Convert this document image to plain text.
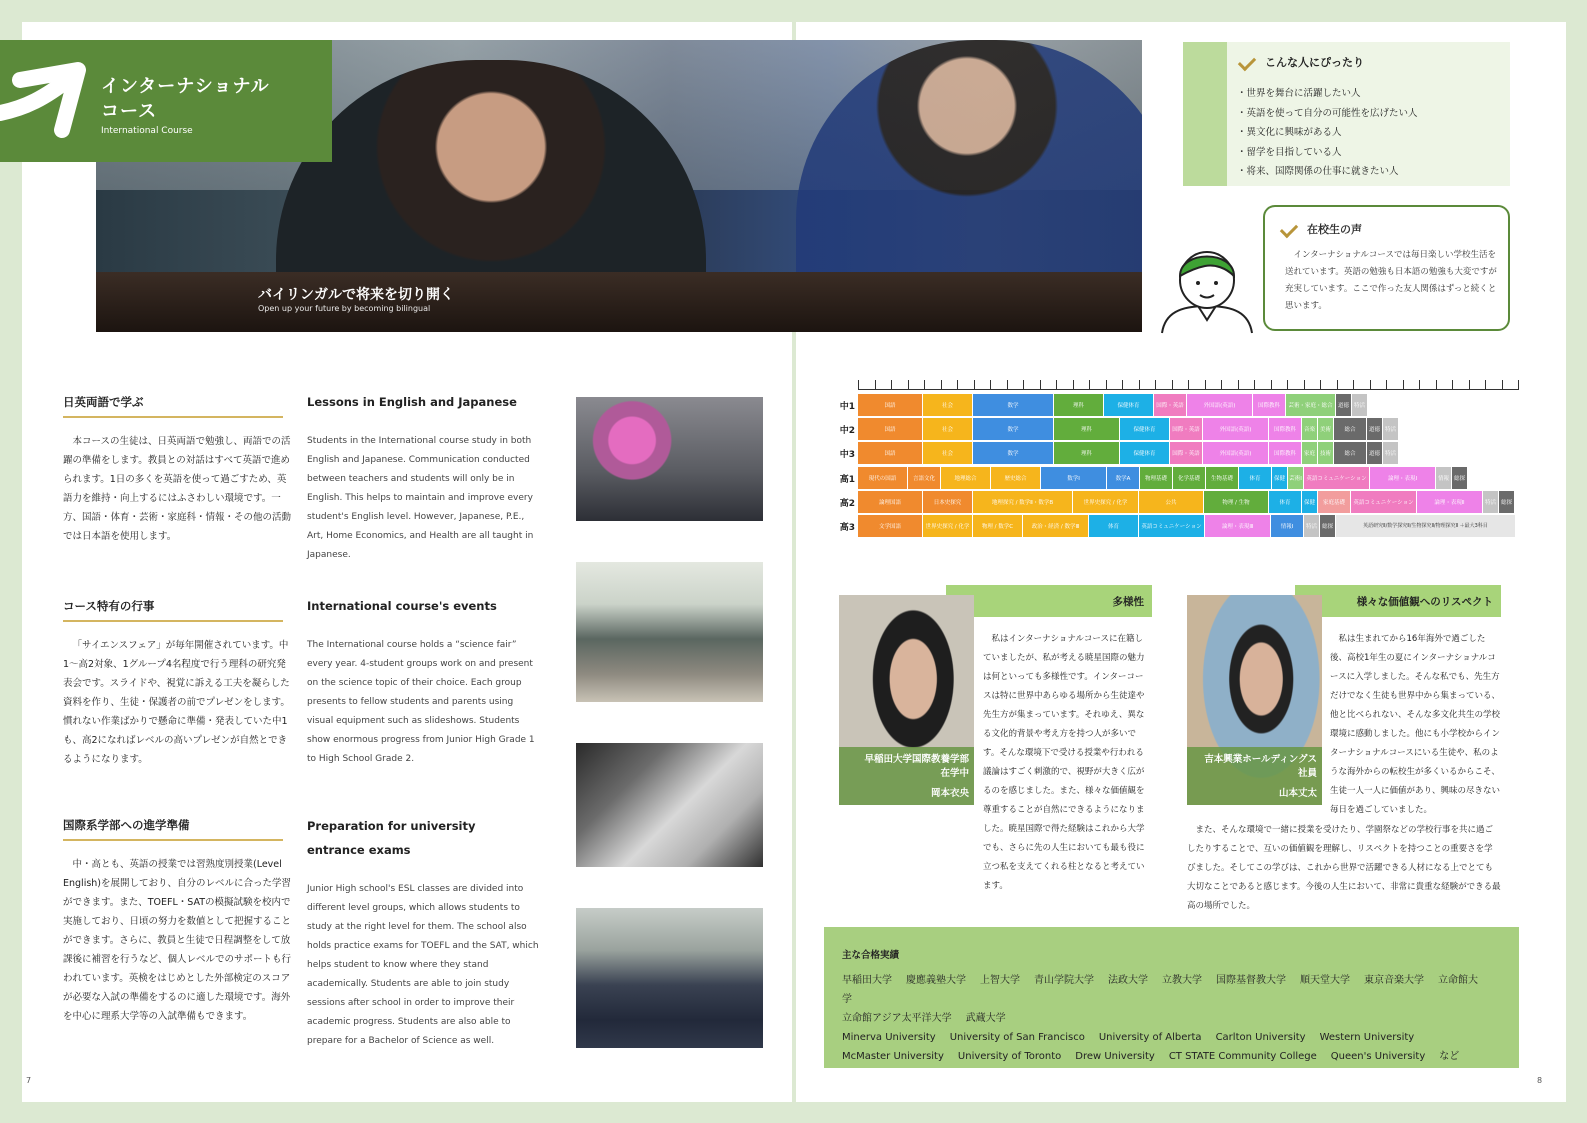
バイリンガルで将来を切り開く
Open up your future by becoming bilingual
インターナショナル
コース
International Course
こんな人にぴったり
・世界を舞台に活躍したい人
・英語を使って自分の可能性を広げたい人
・異文化に興味がある人
・留学を目指している人
・将来、国際関係の仕事に就きたい人
在校生の声
インターナショナルコースでは毎日楽しい学校生活を送れています。英語の勉強も日本語の勉強も大変ですが充実しています。ここで作った友人関係はずっと続くと思います。
日英両語で学ぶ
本コースの生徒は、日英両語で勉強し、両語での活躍の準備をします。教員との対話はすべて英語で進められます。1日の多くを英語を使って過ごすため、英語力を維持・向上するにはふさわしい環境です。一方、国語・体育・芸術・家庭科・情報・その他の活動では日本語を使用します。
コース特有の行事
「サイエンスフェア」が毎年開催されています。中1～高2対象、1グループ4名程度で行う理科の研究発表会です。スライドや、視覚に訴える工夫を凝らした資料を作り、生徒・保護者の前でプレゼンをします。慣れない作業ばかりで懸命に準備・発表していた中1も、高2になればレベルの高いプレゼンが自然とできるようになります。
国際系学部への進学準備
中・高とも、英語の授業では習熟度別授業(Level English)を展開しており、自分のレベルに合った学習ができます。また、TOEFL・SATの模擬試験を校内で実施しており、日頃の努力を数値として把握することができます。さらに、教員と生徒で日程調整をして放課後に補習を行うなど、個人レベルでのサポートも行われています。英検をはじめとした外部検定のスコアが必要な入試の準備をするのに適した環境です。海外を中心に理系大学等の入試準備もできます。
Lessons in English and Japanese
Students in the International course study in both English and Japanese. Communication conducted between teachers and students will only be in English. This helps to maintain and improve every student's English level. However, Japanese, P.E., Art, Home Economics, and Health are all taught in Japanese.
International course's events
The International course holds a “science fair” every year. 4-student groups work on and present on the science topic of their choice. Each group presents to fellow students and parents using visual equipment such as slideshows. Students show enormous progress from Junior High Grade 1 to High School Grade 2.
Preparation for university entrance exams
Junior High school's ESL classes are divided into different level groups, which allows students to study at the right level for them. The school also holds practice exams for TOEFL and the SAT, which helps student to know where they stand academically. Students are able to join study sessions after school in order to improve their academic progress. Students are also able to prepare for a Bachelor of Science as well.
7	8
中1	国語	社会	数学	理科	保健体育	国際・英語	外国語(英語)	国際教科	芸術・家庭・総合 道徳 特活
中2	国語	社会	数学	理科	保健体育	国際・英語	外国語(英語)	国際教科	音楽 美術	総合	道徳 特活
中3	国語	社会	数学	理科	保健体育	国際・英語	外国語(英語)	国際教科	家庭 技術	総合	道徳 特活
高1	現代の国語	言語文化	地理総合	歴史総合	数学Ⅰ	数学A	物理基礎	化学基礎	生物基礎	体育	保健 芸術Ⅰ 英語コミュニケーション	論理・表現Ⅰ	情報 総探
高2	論理国語	日本史探究	地理探究 / 数学Ⅱ・数学B	世界史探究 / 化学	公共	物理 / 生物	体育	保健	家庭基礎	英語コミュニケーション	論理・表現Ⅱ	特活 総探
高3	文学国語	世界史探究 / 化学	物理 / 数学C	政治・経済 / 数学Ⅲ	体育	英語コミュニケーション	論理・表現Ⅲ	情報Ⅰ	特活 総探	英語研究Ⅱ/数学探究Ⅱ/生物探究Ⅱ/物理探究Ⅱ ＋最大3科目
多様性
早稲田大学国際教養学部
在学中
岡本衣央
私はインターナショナルコースに在籍していましたが、私が考える暁星国際の魅力は何といっても多様性です。インターコースは特に世界中あらゆる場所から生徒達や先生方が集まっています。それゆえ、異なる文化的背景や考え方を持つ人が多いです。そんな環境下で受ける授業や行われる議論はすごく刺激的で、視野が大きく広がるのを感じました。また、様々な価値観を尊重することが自然にできるようになりました。暁星国際で得た経験はこれから大学でも、さらに先の人生においても最も役に立つ私を支えてくれる柱となると考えています。
様々な価値観へのリスペクト
吉本興業ホールディングス
社員
山本丈太
私は生まれてから16年海外で過ごした後、高校1年生の夏にインターナショナルコースに入学しました。そんな私でも、先生方だけでなく生徒も世界中から集まっている、他と比べられない、そんな多文化共生の学校環境に感動しました。他にも小学校からインターナショナルコースにいる生徒や、私のような海外からの転校生が多くいるからこそ、生徒一人一人に価値があり、興味の尽きない毎日を過ごしていました。
また、そんな環境で一緒に授業を受けたり、学園祭などの学校行事を共に過ごしたりすることで、互いの価値観を理解し、リスペクトを持つことの重要さを学びました。そしてこの学びは、これから世界で活躍できる人材になる上でとても大切なことであると感じます。今後の人生において、非常に貴重な経験ができる最高の場所でした。
主な合格実績
早稲田大学 慶應義塾大学 上智大学 青山学院大学 法政大学 立教大学 国際基督教大学 順天堂大学 東京音楽大学 立命館大学
立命館アジア太平洋大学 武蔵大学
Minerva University University of San Francisco University of Alberta Carlton University Western University
McMaster University University of Toronto Drew University CT STATE Community College Queen's University など
